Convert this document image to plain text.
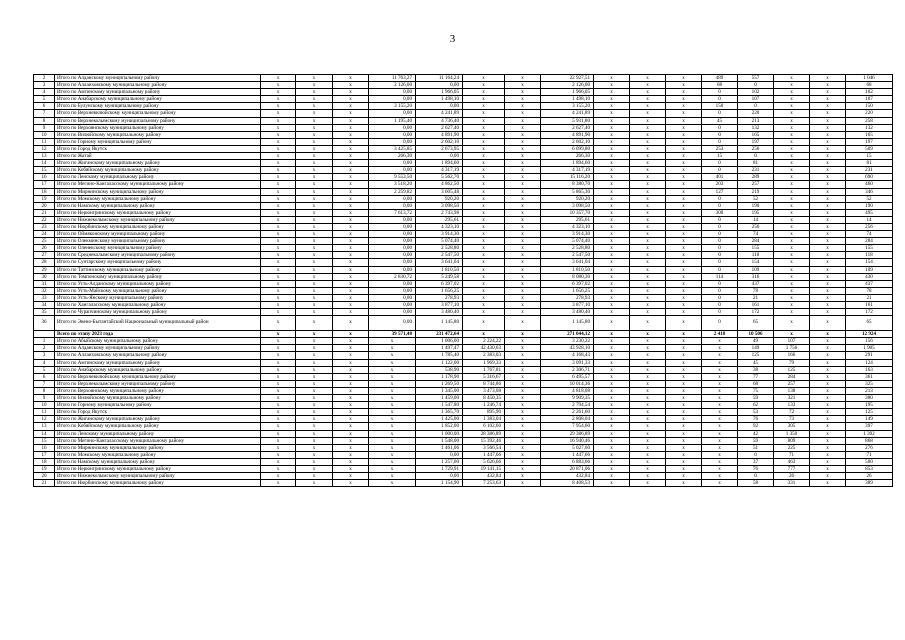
3
2	Итого по Алданскому муниципальному району	х	х	х	11 763,27	11 164,24	х	х	22 927,51	х	х	х	489	557	х	х	1 046
3	Итого по Аллаиховскому муниципальному району	х	х	х	2 126,00	0,00	х	х	2 126,00	х	х	х	68	0	х	х	68
4	Итого по Амгинскому муниципальному району	х	х	х	0,00	1 966,05	х	х	1 966,05	х	х	х	0	102	х	х	102
5	Итого по Анабарскому муниципальному району	х	х	х	0,00	1 498,10	х	х	1 498,10	х	х	х	0	107	х	х	107
6	Итого по Булунскому муниципальному району	х	х	х	3 155,20	0,00	х	х	3 155,20	х	х	х	150	0	х	х	150
7	Итого по Верхневилюйскому муниципальному району	х	х	х	0,00	4 241,89	х	х	4 241,89	х	х	х	0	220	х	х	220
8	Итого по Верхнеколымскому муниципальному району	х	х	х	1 195,40	4 736,40	х	х	5 931,80	х	х	х	45	213	х	х	258
9	Итого по Верхоянскому муниципальному району	х	х	х	0,00	2 627,40	х	х	2 627,40	х	х	х	0	132	х	х	132
10	Итого по Вилюйскому муниципальному району	х	х	х	0,00	4 891,90	х	х	4 891,90	х	х	х	0	165	х	х	165
11	Итого по Горному муниципальному району	х	х	х	0,00	2 602,10	х	х	2 602,10	х	х	х	0	197	х	х	197
12	Итого по Город Якутск	х	х	х	3 425,85	2 673,95	х	х	6 099,80	х	х	х	253	256	х	х	509
13	Итого по Жатай	х	х	х	266,30	0,00	х	х	266,30	х	х	х	15	0	х	х	15
14	Итого по Жиганскому муниципальному району	х	х	х	0,00	1 894,60	х	х	1 894,60	х	х	х	0	81	х	х	81
15	Итого по Кобяйскому муниципальному району	х	х	х	0,00	4 317,19	х	х	4 317,19	х	х	х	0	231	х	х	231
16	Итого по Ленскому муниципальному району	х	х	х	9 553,50	5 562,70	х	х	15 116,20	х	х	х	401	289	х	х	690
17	Итого по Мегино-Кангаласскому муниципальному району	х	х	х	3 518,20	4 862,50	х	х	8 380,70	х	х	х	203	257	х	х	460
18	Итого по Мирнинскому муниципальному району	х	х	х	2 259,82	3 605,48	х	х	5 865,30	х	х	х	127	219	х	х	346
19	Итого по Момскому муниципальному району	х	х	х	0,00	920,20	х	х	920,20	х	х	х	0	52	х	х	52
20	Итого по Намскому муниципальному району	х	х	х	0,00	3 098,50	х	х	3 098,50	х	х	х	0	190	х	х	190
21	Итого по Нерюнгринскому муниципальному району	х	х	х	7 613,72	2 743,98	х	х	10 357,70	х	х	х	300	195	х	х	495
22	Итого по Нижнеколымскому муниципальному району	х	х	х	0,00	295,61	х	х	295,61	х	х	х	0	14	х	х	14
23	Итого по Нюрбинскому муниципальному району	х	х	х	0,00	4 323,10	х	х	4 323,10	х	х	х	0	256	х	х	256
24	Итого по Оймяконскому муниципальному району	х	х	х	0,00	3 914,30	х	х	3 914,30	х	х	х	0	74	х	х	74
25	Итого по Олекминскому муниципальному району	х	х	х	0,00	5 074,40	х	х	5 074,40	х	х	х	0	284	х	х	284
26	Итого по Оленекскому муниципальному району	х	х	х	0,00	2 528,80	х	х	2 528,80	х	х	х	0	155	х	х	155
27	Итого по Среднеколымскому муниципальному району	х	х	х	0,00	2 547,50	х	х	2 547,50	х	х	х	0	118	х	х	118
28	Итого по Сунтарскому муниципальному району	х	х	х	0,00	3 641,04	х	х	3 641,04	х	х	х	0	154	х	х	154
29	Итого по Таттинскому муниципальному району	х	х	х	0,00	1 810,50	х	х	1 810,50	х	х	х	0	109	х	х	109
30	Итого по Томпонскому муниципальному району	х	х	х	2 830,72	5 249,58	х	х	8 080,30	х	х	х	114	316	х	х	430
31	Итого по Усть-Алданскому муниципальному району	х	х	х	0,00	6 397,02	х	х	6 397,02	х	х	х	0	437	х	х	437
32	Итого по Усть-Майскому муниципальному району	х	х	х	0,00	1 656,25	х	х	1 656,25	х	х	х	0	78	х	х	78
33	Итого по Усть-Янскому муниципальному району	х	х	х	0,00	278,93	х	х	278,93	х	х	х	0	21	х	х	21
34	Итого по Хангаласскому муниципальному району	х	х	х	0,00	3 877,10	х	х	3 877,10	х	х	х	0	161	х	х	161
35	Итого по Чурапчинскому муниципальному району	х	х	х	0,00	3 480,40	х	х	3 480,40	х	х	х	0	172	х	х	172
36	Итого по Эвено-Бытантайский Национальный муниципальный район	х	х	х	0,00	1 145,80	х	х	1 145,80	х	х	х	0	65	х	х	65
	Всего по этапу 2023 года	х	х	х	39 571,48	231 472,64	х	х	271 044,12	х	х	х	2 418	10 506	х	х	12 924
1	Итого по Абыйскому муниципальному району	х	х	х	х	1 006,00	2 224,22	х	3 230,22	х	х	х	х	49	107	х	156
2	Итого по Алданскому муниципальному району	х	х	х	х	1 497,47	42 430,63	х	43 928,10	х	х	х	х	149	1 756	х	1 905
3	Итого по Аллаиховскому муниципальному району	х	х	х	х	1 785,40	2 383,03	х	4 168,43	х	х	х	х	125	166	х	291
4	Итого по Амгинскому муниципальному району	х	х	х	х	1 122,00	1 969,33	х	3 091,33	х	х	х	х	45	79	х	124
5	Итого по Анабарскому муниципальному району	х	х	х	х	538,90	1 767,81	х	2 306,71	х	х	х	х	38	125	х	163
6	Итого по Верхневилюйскому муниципальному району	х	х	х	х	1 178,90	5 316,67	х	6 495,57	х	х	х	х	77	284	х	361
7	Итого по Верхнеколымскому муниципальному району	х	х	х	х	1 269,50	8 744,86	х	10 014,36	х	х	х	х	68	257	х	325
8	Итого по Верхоянскому муниципальному району	х	х	х	х	1 345,00	3 473,08	х	4 818,08	х	х	х	х	75	138	х	213
9	Итого по Вилюйскому муниципальному району	х	х	х	х	1 459,00	8 450,35	х	9 909,35	х	х	х	х	59	321	х	380
10	Итого по Горному муниципальному району	х	х	х	х	1 547,80	1 246,74	х	2 794,54	х	х	х	х	62	133	х	195
11	Итого по Город Якутск	х	х	х	х	1 365,70	895,90	х	2 261,60	х	х	х	х	53	72	х	125
12	Итого по Жиганскому муниципальному району	х	х	х	х	1 425,00	1 383,04	х	2 808,04	х	х	х	х	76	73	х	149
13	Итого по Кобяйскому муниципальному району	х	х	х	х	1 852,00	6 102,60	х	7 954,60	х	х	х	х	92	305	х	397
14	Итого по Ленскому муниципальному району	х	х	х	х	1 000,00	28 386,89	х	29 386,89	х	х	х	х	42	1 350	х	1 392
15	Итого по Мегино-Кангаласскому муниципальному району	х	х	х	х	1 548,00	15 392,46	х	16 940,46	х	х	х	х	59	809	х	868
16	Итого по Мирнинскому муниципальному району	х	х	х	х	1 461,06	3 566,54	х	5 027,60	х	х	х	х	51	225	х	276
17	Итого по Момскому муниципальному району	х	х	х	х	0,00	1 447,66	х	1 447,66	х	х	х	х	0	71	х	71
18	Итого по Намскому муниципальному району	х	х	х	х	1 257,00	5 626,66	х	6 883,66	х	х	х	х	37	463	х	500
19	Итого по Нерюнгринскому муниципальному району	х	х	х	х	1 729,91	19 141,15	х	20 871,06	х	х	х	х	76	777	х	853
20	Итого по Нижнеколымскому муниципальному району	х	х	х	х	0,00	432,84	х	432,84	х	х	х	х	0	26	х	26
21	Итого по Нюрбинскому муниципальному району	х	х	х	х	1 154,90	7 253,63	х	8 408,53	х	х	х	х	58	331	х	389
